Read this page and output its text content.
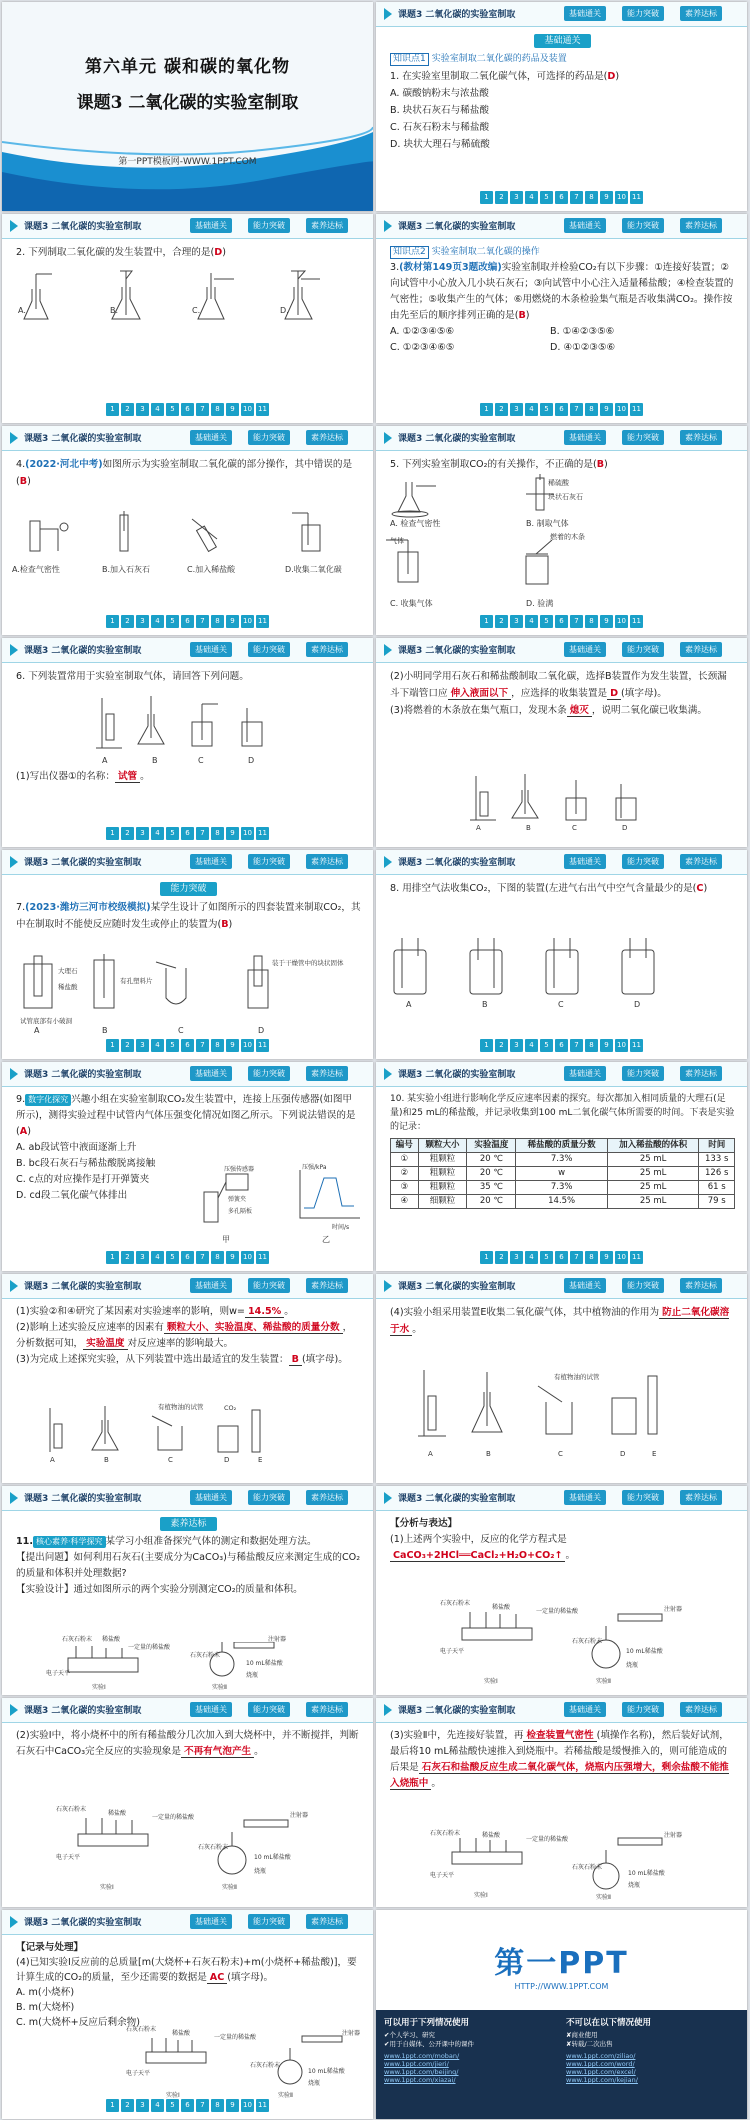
第六单元 碳和碳的氧化物
课题3 二氧化碳的实验室制取
第一PPT模板网-WWW.1PPT.COM
课题3 二氧化碳的实验室制取	基础通关	能力突破	素养达标

基础通关

知识点1 实验室制取二氧化碳的药品及装置

1. 在实验室里制取二氧化碳气体，可选择的药品是(D)

A. 碳酸钠粉末与浓盐酸

B. 块状石灰石与稀盐酸

C. 石灰石粉末与稀盐酸

D. 块状大理石与稀硫酸

1 2 3 4 5 6 7 8 9 10 11
课题3 二氧化碳的实验室制取	基础通关	能力突破	素养达标

2. 下列制取二氧化碳的发生装置中，合理的是(D)

A.	B.	C.	D.
1 2 3 4 5 6 7 8 9 10 11
课题3 二氧化碳的实验室制取	基础通关	能力突破	素养达标

知识点2 实验室制取二氧化碳的操作

3.(教材第149页3题改编)实验室制取并检验CO₂有以下步骤：①连接好装置；②向试管中小心放入几小块石灰石；③向试管中小心注入适量稀盐酸；④检查装置的气密性；⑤收集产生的气体；⑥用燃烧的木条检验集气瓶是否收集满CO₂。操作按由先至后的顺序排列正确的是(B)

A. ①②③④⑤⑥	B. ①④②③⑤⑥

C. ①②③④⑥⑤	D. ④①②③⑤⑥

1 2 3 4 5 6 7 8 9 10 11
课题3 二氧化碳的实验室制取	基础通关	能力突破	素养达标

4.(2022·河北中考)如图所示为实验室制取二氧化碳的部分操作，其中错误的是(B)

A.检查气密性	B.加入石灰石	C.加入稀盐酸	D.收集二氧化碳
1 2 3 4 5 6 7 8 9 10 11
课题3 二氧化碳的实验室制取	基础通关	能力突破	素养达标

5. 下列实验室制取CO₂的有关操作，不正确的是(B)

稀硫酸
块状石灰石
气体	燃着的木条
A. 检查气密性	B. 制取气体
C. 收集气体	D. 验满
1 2 3 4 5 6 7 8 9 10 11
课题3 二氧化碳的实验室制取	基础通关	能力突破	素养达标

6. 下列装置常用于实验室制取气体，请回答下列问题。

A	B	C	D

(1)写出仪器①的名称： 试管 。

1 2 3 4 5 6 7 8 9 10 11
课题3 二氧化碳的实验室制取	基础通关	能力突破	素养达标

(2)小明同学用石灰石和稀盐酸制取二氧化碳，选择B装置作为发生装置，长颈漏斗下端管口应 伸入液面以下 ，应选择的收集装置是 D (填字母)。

(3)将燃着的木条放在集气瓶口，发现木条 熄灭 ，说明二氧化碳已收集满。

A	B	C	D
课题3 二氧化碳的实验室制取	基础通关	能力突破	素养达标

能力突破

7.(2023·潍坊三河市校级模拟)某学生设计了如图所示的四套装置来制取CO₂，其中在制取时不能使反应随时发生或停止的装置为(B)

试管底部有小破洞
大理石
稀盐酸
有孔塑料片
装于干燥管中的块状固体
A	B	C	D
1 2 3 4 5 6 7 8 9 10 11
课题3 二氧化碳的实验室制取	基础通关	能力突破	素养达标

8. 用排空气法收集CO₂，下图的装置(左进气右出气中空气含量最少的是(C)

A	B	C	D
1 2 3 4 5 6 7 8 9 10 11
课题3 二氧化碳的实验室制取	基础通关	能力突破	素养达标

9. 数字化探究 兴趣小组在实验室制取CO₂发生装置中，连接上压强传感器(如图甲所示)，测得实验过程中试管内气体压强变化情况如图乙所示。下列说法错误的是(A)

A. ab段试管中液面逐渐上升

B. bc段石灰石与稀盐酸脱离接触

C. c点的对应操作是打开弹簧夹

D. cd段二氧化碳气体排出

压强传感器
弹簧夹
多孔隔板
压强/kPa
时间/s
甲	乙
1 2 3 4 5 6 7 8 9 10 11
课题3 二氧化碳的实验室制取	基础通关	能力突破	素养达标

10. 某实验小组进行影响化学反应速率因素的探究。每次都加入相同质量的大理石(足量)和25 mL的稀盐酸，并记录收集到100 mL二氧化碳气体所需要的时间。下表是实验的记录：

编号	颗粒大小	实验温度	稀盐酸的质量分数	加入稀盐酸的体积	时间
①	粗颗粒	20 ℃	7.3%	25 mL	133 s
②	粗颗粒	20 ℃	w	25 mL	126 s
③	粗颗粒	35 ℃	7.3%	25 mL	61 s
④	细颗粒	20 ℃	14.5%	25 mL	79 s
1 2 3 4 5 6 7 8 9 10 11
课题3 二氧化碳的实验室制取	基础通关	能力突破	素养达标

(1)实验②和④研究了某因素对实验速率的影响，则w= 14.5% 。

(2)影响上述实验反应速率的因素有 颗粒大小、实验温度、稀盐酸的质量分数 ，分析数据可知， 实验温度 对反应速率的影响最大。

(3)为完成上述探究实验，从下列装置中选出最适宜的发生装置： B (填字母)。

有植物油的试管	CO₂
A	B	C	D	E
课题3 二氧化碳的实验室制取	基础通关	能力突破	素养达标

(4)实验小组采用装置E收集二氧化碳气体，其中植物油的作用为 防止二氧化碳溶于水 。

有植物油的试管
A	B	C	D	E
课题3 二氧化碳的实验室制取	基础通关	能力突破	素养达标

素养达标

11. 核心素养·科学探究 某学习小组准备探究气体的测定和数据处理方法。

【提出问题】如何利用石灰石(主要成分为CaCO₃)与稀盐酸反应来测定生成的CO₂的质量和体积并处理数据?

【实验设计】通过如图所示的两个实验分别测定CO₂的质量和体积。

石灰石粉末 稀盐酸
一定量的稀盐酸
电子天平
实验Ⅰ
注射器
石灰石粉末
10 mL稀盐酸
烧瓶
实验Ⅱ
课题3 二氧化碳的实验室制取	基础通关	能力突破	素养达标

【分析与表达】

(1)上述两个实验中，反应的化学方程式是CaCO₃+2HCl══CaCl₂+H₂O+CO₂↑ 。

石灰石粉末
稀盐酸
一定量的稀盐酸
电子天平
实验Ⅰ
注射器
石灰石粉末
10 mL稀盐酸
烧瓶
实验Ⅱ
课题3 二氧化碳的实验室制取	基础通关	能力突破	素养达标

(2)实验Ⅰ中，将小烧杯中的所有稀盐酸分几次加入到大烧杯中，并不断搅拌，判断石灰石中CaCO₃完全反应的实验现象是 不再有气泡产生 。

石灰石粉末
稀盐酸
一定量的稀盐酸
电子天平
实验Ⅰ
注射器
石灰石粉末
10 mL稀盐酸
烧瓶
实验Ⅱ
课题3 二氧化碳的实验室制取	基础通关	能力突破	素养达标

(3)实验Ⅱ中，先连接好装置，再 检查装置气密性 (填操作名称)，然后装好试剂，最后将10 mL稀盐酸快速推入到烧瓶中。若稀盐酸是缓慢推入的，则可能造成的后果是 石灰石和盐酸反应生成二氧化碳气体，烧瓶内压强增大，剩余盐酸不能推入烧瓶中 。

石灰石粉末	稀盐酸
一定量的稀盐酸
电子天平
实验Ⅰ
注射器
石灰石粉末
10 mL稀盐酸
烧瓶
实验Ⅱ
课题3 二氧化碳的实验室制取	基础通关	能力突破	素养达标

【记录与处理】

(4)已知实验Ⅰ反应前的总质量[m(大烧杯+石灰石粉末)+m(小烧杯+稀盐酸)]，要计算生成的CO₂的质量，至少还需要的数据是 AC (填字母)。

A. m(小烧杯)

B. m(大烧杯)

C. m(大烧杯+反应后剩余物)

石灰石粉末
稀盐酸
一定量的稀盐酸
电子天平
实验Ⅰ
注射器
石灰石粉末
10 mL稀盐酸
烧瓶
实验Ⅱ
1 2 3 4 5 6 7 8 9 10 11
第一PPT
HTTP://WWW.1PPT.COM
可以用于下列情况使用
✔个人学习、研究
✔用于自媒体、公开课中的课件
www.1ppt.com/moban/
www.1ppt.com/jieri/
www.1ppt.com/beijing/
www.1ppt.com/xiazai/
不可以在以下情况使用
✘商业使用
✘转载/二次出售
www.1ppt.com/ziliao/
www.1ppt.com/word/
www.1ppt.com/excel/
www.1ppt.com/kejian/
